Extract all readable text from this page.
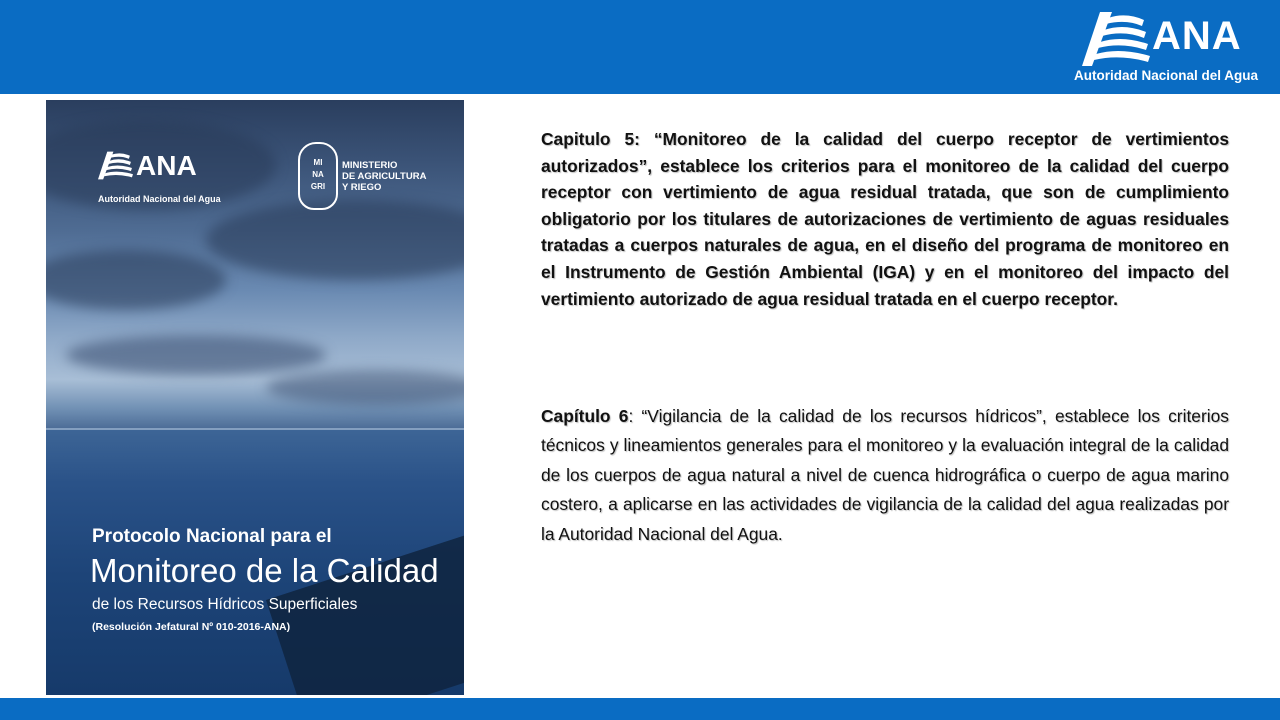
ANA
Autoridad Nacional del Agua
ANA
Autoridad Nacional del Agua
MI
NA
GRI
MINISTERIO
DE AGRICULTURA
Y RIEGO
Protocolo Nacional para el
Monitoreo de la Calidad
de los Recursos Hídricos Superficiales
(Resolución Jefatural Nº 010-2016-ANA)
Capitulo 5: “Monitoreo de la calidad del cuerpo receptor de vertimientos autorizados”, establece los criterios para el monitoreo de la calidad del cuerpo receptor con vertimiento de agua residual tratada, que son de cumplimiento obligatorio por los titulares de autorizaciones de vertimiento de aguas residuales tratadas a cuerpos naturales de agua, en el diseño del programa de monitoreo en el Instrumento de Gestión Ambiental (IGA) y en el monitoreo del impacto del vertimiento autorizado de agua residual tratada en el cuerpo receptor.
Capítulo 6: “Vigilancia de la calidad de los recursos hídricos”, establece los criterios técnicos y lineamientos generales para el monitoreo y la evaluación integral de la calidad de los cuerpos de agua natural a nivel de cuenca hidrográfica o cuerpo de agua marino costero, a aplicarse en las actividades de vigilancia de la calidad del agua realizadas por la Autoridad Nacional del Agua.
